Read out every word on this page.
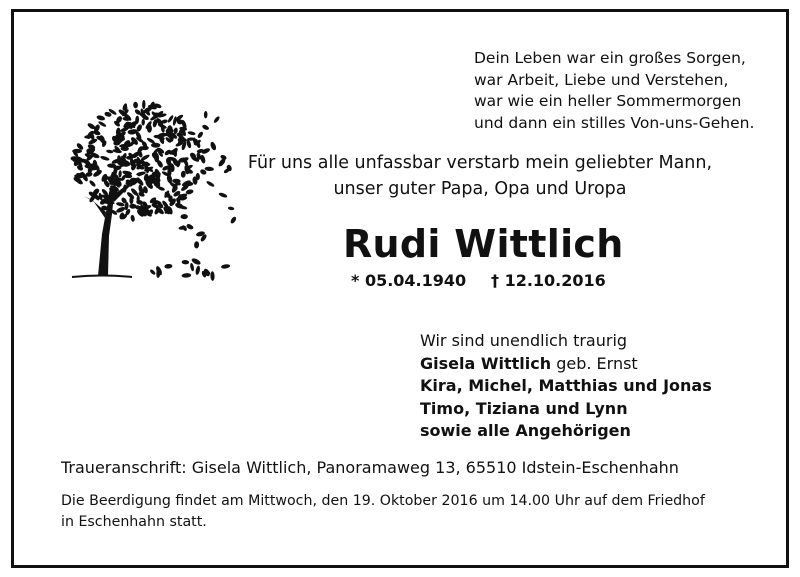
Dein Leben war ein großes Sorgen,
war Arbeit, Liebe und Verstehen,
war wie ein heller Sommermorgen
und dann ein stilles Von-uns-Gehen.
Für uns alle unfassbar verstarb mein geliebter Mann,
unser guter Papa, Opa und Uropa
Rudi Wittlich
* 05.04.1940 † 12.10.2016
Wir sind unendlich traurig
Gisela Wittlich geb. Ernst
Kira, Michel, Matthias und Jonas
Timo, Tiziana und Lynn
sowie alle Angehörigen
Traueranschrift: Gisela Wittlich, Panoramaweg 13, 65510 Idstein-Eschenhahn
Die Beerdigung findet am Mittwoch, den 19. Oktober 2016 um 14.00 Uhr auf dem Friedhof
in Eschenhahn statt.
